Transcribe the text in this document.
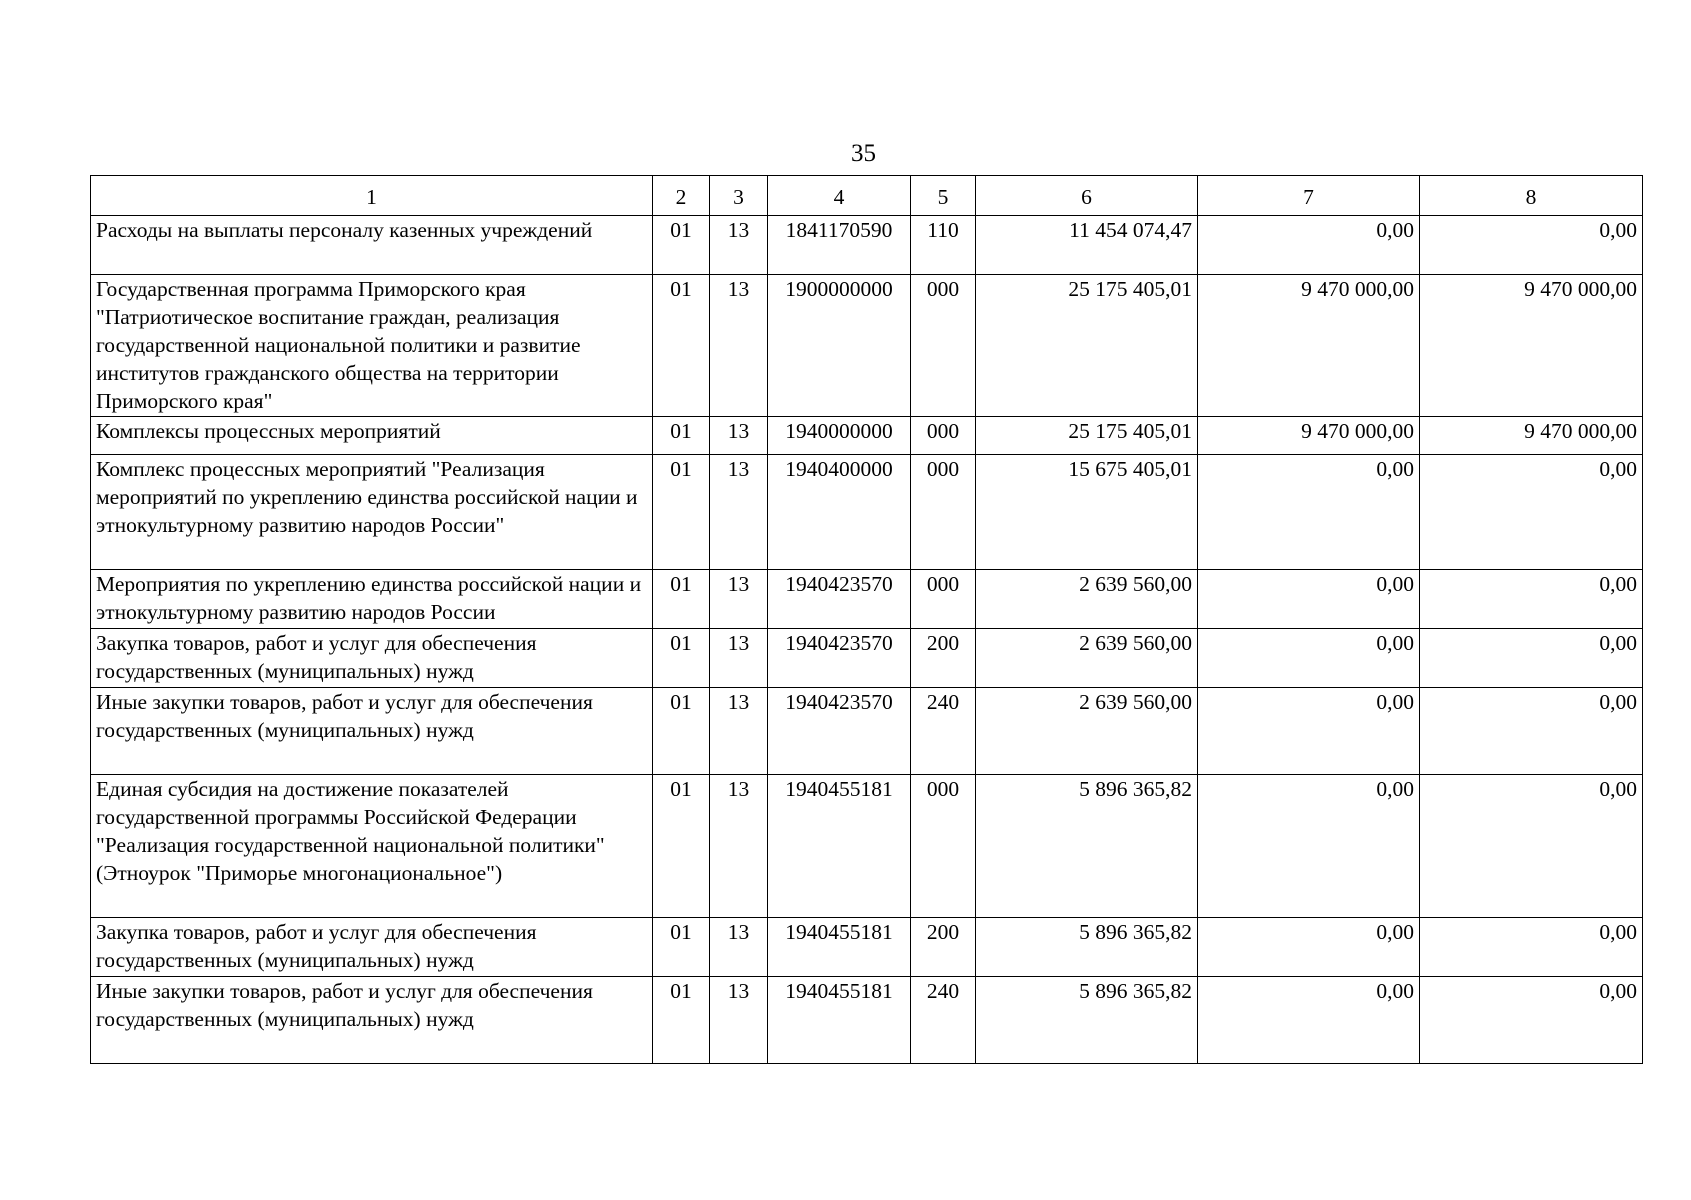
35
1	2	3	4	5	6	7	8
Расходы на выплаты персоналу казенных учреждений	01	13	1841170590	110	11 454 074,47	0,00	0,00
Государственная программа Приморского края "Патриотическое воспитание граждан, реализация государственной национальной политики и развитие институтов гражданского общества на территории Приморского края"	01	13	1900000000	000	25 175 405,01	9 470 000,00	9 470 000,00
Комплексы процессных мероприятий	01	13	1940000000	000	25 175 405,01	9 470 000,00	9 470 000,00
Комплекс процессных мероприятий "Реализация мероприятий по укреплению единства российской нации и этнокультурному развитию народов России"	01	13	1940400000	000	15 675 405,01	0,00	0,00
Мероприятия по укреплению единства российской нации и этнокультурному развитию народов России	01	13	1940423570	000	2 639 560,00	0,00	0,00
Закупка товаров, работ и услуг для обеспечения государственных (муниципальных) нужд	01	13	1940423570	200	2 639 560,00	0,00	0,00
Иные закупки товаров, работ и услуг для обеспечения государственных (муниципальных) нужд	01	13	1940423570	240	2 639 560,00	0,00	0,00
Единая субсидия на достижение показателей государственной программы Российской Федерации "Реализация государственной национальной политики" (Этноурок "Приморье многонациональное")	01	13	1940455181	000	5 896 365,82	0,00	0,00
Закупка товаров, работ и услуг для обеспечения государственных (муниципальных) нужд	01	13	1940455181	200	5 896 365,82	0,00	0,00
Иные закупки товаров, работ и услуг для обеспечения государственных (муниципальных) нужд	01	13	1940455181	240	5 896 365,82	0,00	0,00
